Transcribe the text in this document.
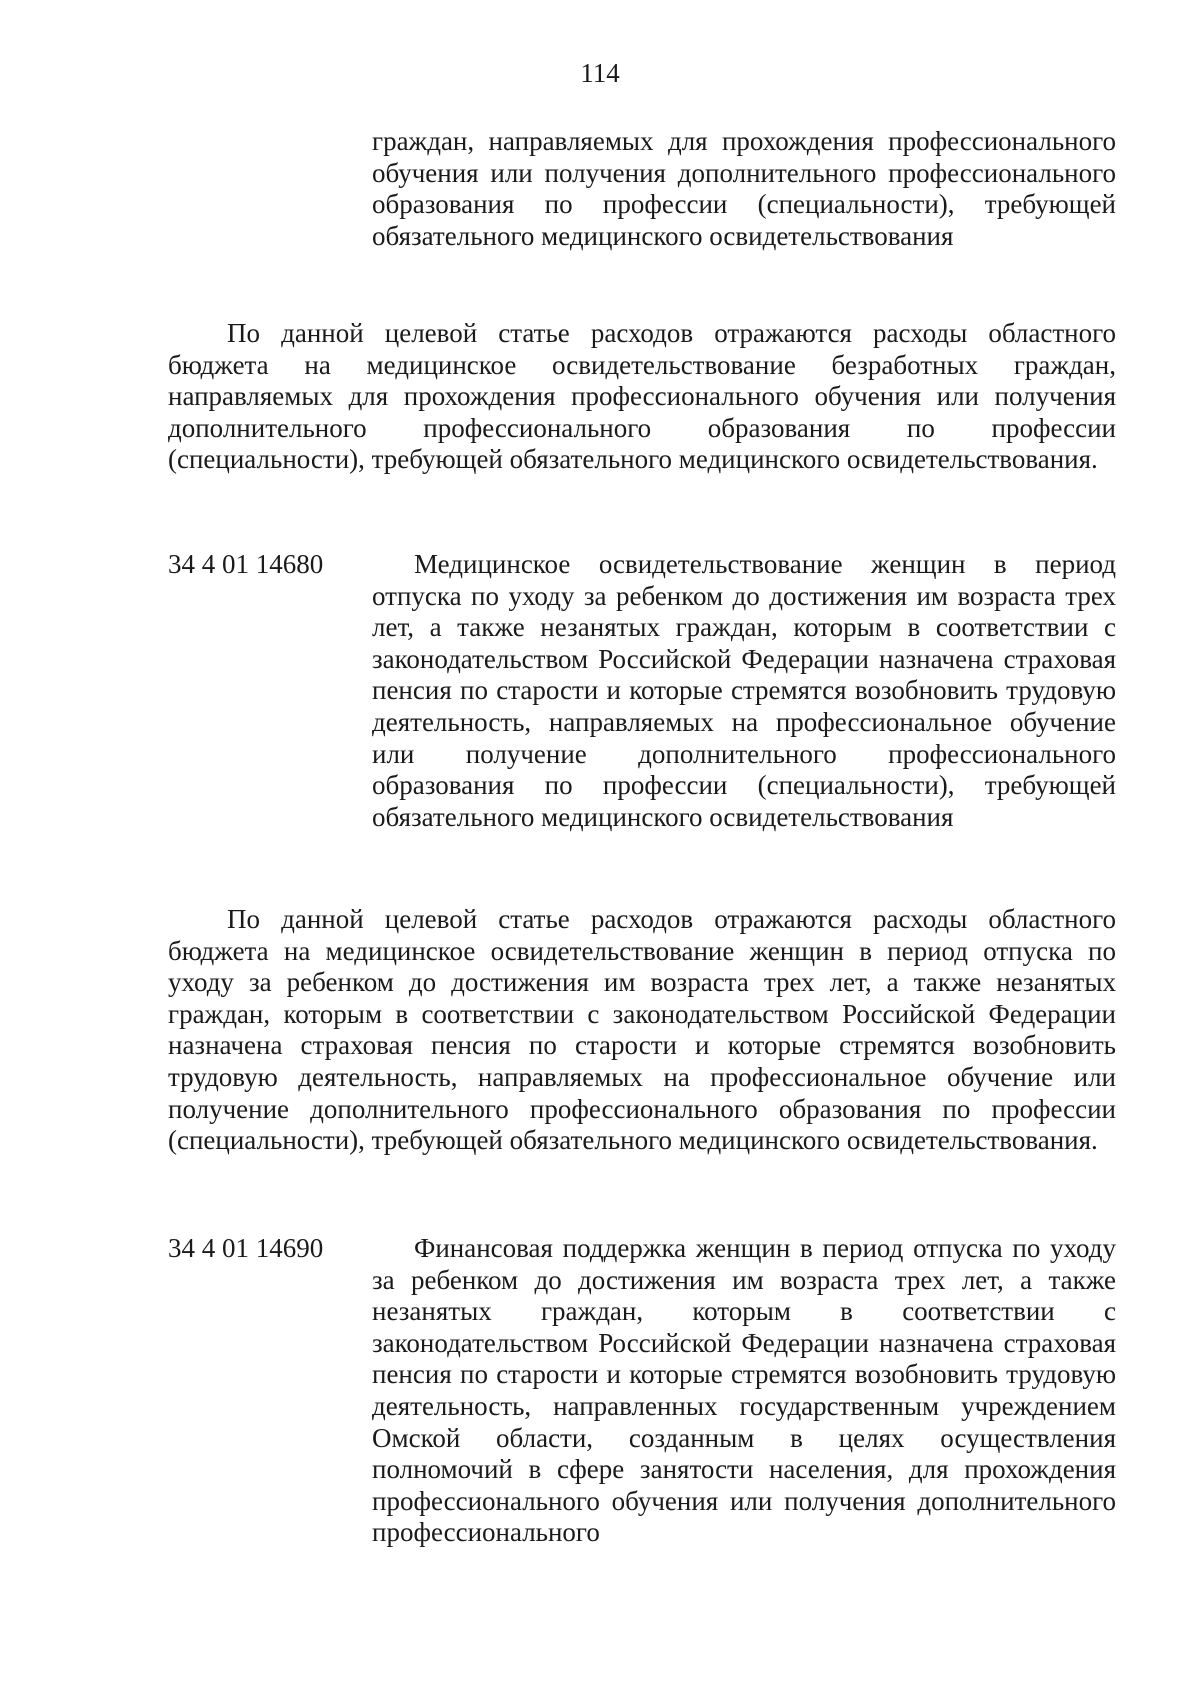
114
граждан, направляемых для прохождения профессионального обучения или получения дополнительного профессионального образования по профессии (специальности), требующей обязательного медицинского освидетельствования
По данной целевой статье расходов отражаются расходы областного бюджета на медицинское освидетельствование безработных граждан, направляемых для прохождения профессионального обучения или получения дополнительного профессионального образования по профессии (специальности), требующей обязательного медицинского освидетельствования.
34 4 01 14680	Медицинское освидетельствование женщин в период отпуска по уходу за ребенком до достижения им возраста трех лет, а также незанятых граждан, которым в соответствии с законодательством Российской Федерации назначена страховая пенсия по старости и которые стремятся возобновить трудовую деятельность, направляемых на профессиональное обучение или получение дополнительного профессионального образования по профессии (специальности), требующей обязательного медицинского освидетельствования
По данной целевой статье расходов отражаются расходы областного бюджета на медицинское освидетельствование женщин в период отпуска по уходу за ребенком до достижения им возраста трех лет, а также незанятых граждан, которым в соответствии с законодательством Российской Федерации назначена страховая пенсия по старости и которые стремятся возобновить трудовую деятельность, направляемых на профессиональное обучение или получение дополнительного профессионального образования по профессии (специальности), требующей обязательного медицинского освидетельствования.
34 4 01 14690	Финансовая поддержка женщин в период отпуска по уходу за ребенком до достижения им возраста трех лет, а также незанятых граждан, которым в соответствии с законодательством Российской Федерации назначена страховая пенсия по старости и которые стремятся возобновить трудовую деятельность, направленных государственным учреждением Омской области, созданным в целях осуществления полномочий в сфере занятости населения, для прохождения профессионального обучения или получения дополнительного профессионального
